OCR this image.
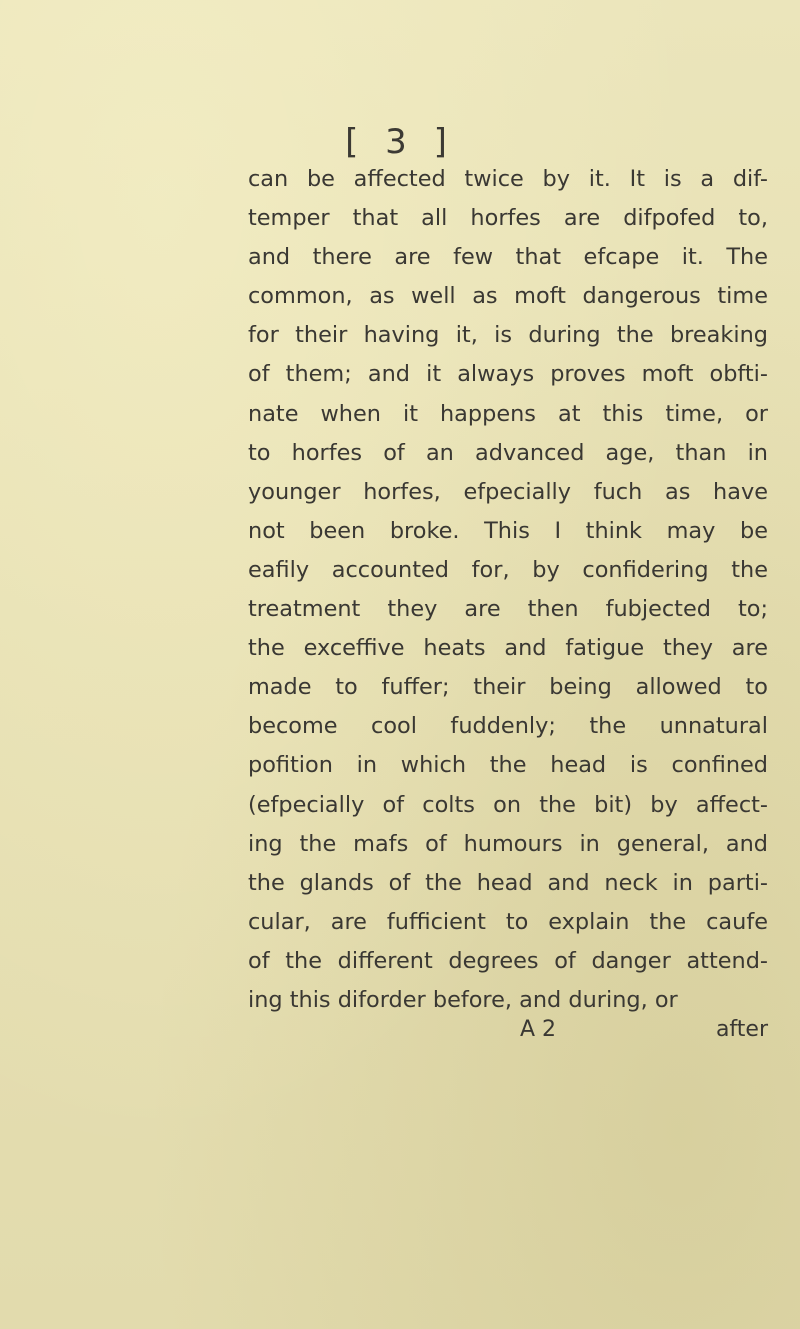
[ 3 ]
can be affected twice by it. It is a dif-
temper that all horfes are difpofed to,
and there are few that efcape it. The
common, as well as moft dangerous time
for their having it, is during the breaking
of them; and it always proves moft obfti-
nate when it happens at this time, or
to horfes of an advanced age, than in
younger horfes, efpecially fuch as have
not been broke. This I think may be
eafily accounted for, by confidering the
treatment they are then fubjected to;
the exceffive heats and fatigue they are
made to fuffer; their being allowed to
become cool fuddenly; the unnatural
pofition in which the head is confined
(efpecially of colts on the bit) by affect-
ing the mafs of humours in general, and
the glands of the head and neck in parti-
cular, are fufficient to explain the caufe
of the different degrees of danger attend-
ing this diforder before, and during, or
A 2	after
